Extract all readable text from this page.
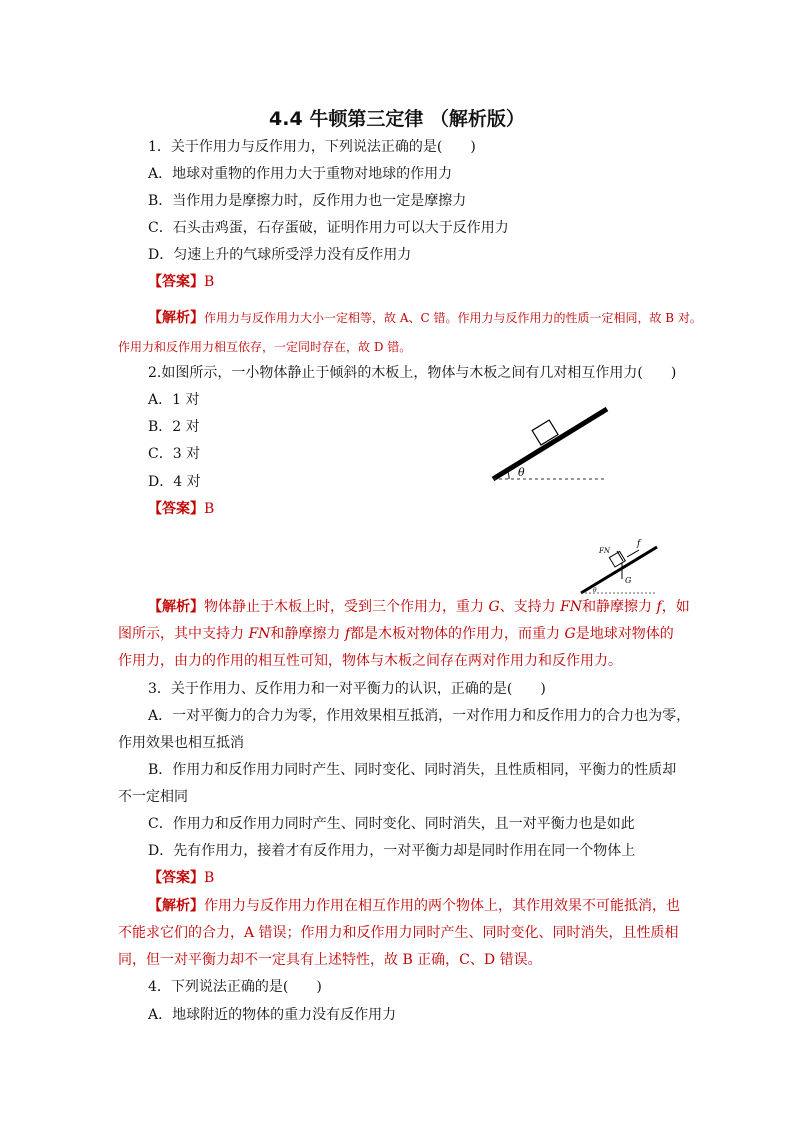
4.4 牛顿第三定律 （解析版）
1．关于作用力与反作用力，下列说法正确的是(　　)
A．地球对重物的作用力大于重物对地球的作用力
B．当作用力是摩擦力时，反作用力也一定是摩擦力
C．石头击鸡蛋，石存蛋破，证明作用力可以大于反作用力
D．匀速上升的气球所受浮力没有反作用力
【答案】B
【解析】作用力与反作用力大小一定相等，故 A、C 错。作用力与反作用力的性质一定相同，故 B 对。
作用力和反作用力相互依存，一定同时存在，故 D 错。
2.如图所示，一小物体静止于倾斜的木板上，物体与木板之间有几对相互作用力(　　)
A．1 对
B．2 对
C．3 对
D．4 对
【答案】B
θ
FN
f
G
θ
【解析】物体静止于木板上时，受到三个作用力，重力 G、支持力 FN和静摩擦力 f，如
图所示，其中支持力 FN和静摩擦力 f都是木板对物体的作用力，而重力 G是地球对物体的
作用力，由力的作用的相互性可知，物体与木板之间存在两对作用力和反作用力。
3．关于作用力、反作用力和一对平衡力的认识，正确的是(　　)
A．一对平衡力的合力为零，作用效果相互抵消，一对作用力和反作用力的合力也为零，
作用效果也相互抵消
B．作用力和反作用力同时产生、同时变化、同时消失，且性质相同，平衡力的性质却
不一定相同
C．作用力和反作用力同时产生、同时变化、同时消失，且一对平衡力也是如此
D．先有作用力，接着才有反作用力，一对平衡力却是同时作用在同一个物体上
【答案】B
【解析】作用力与反作用力作用在相互作用的两个物体上，其作用效果不可能抵消，也
不能求它们的合力，A 错误；作用力和反作用力同时产生、同时变化、同时消失，且性质相
同，但一对平衡力却不一定具有上述特性，故 B 正确，C、D 错误。
4．下列说法正确的是(　　)
A．地球附近的物体的重力没有反作用力
